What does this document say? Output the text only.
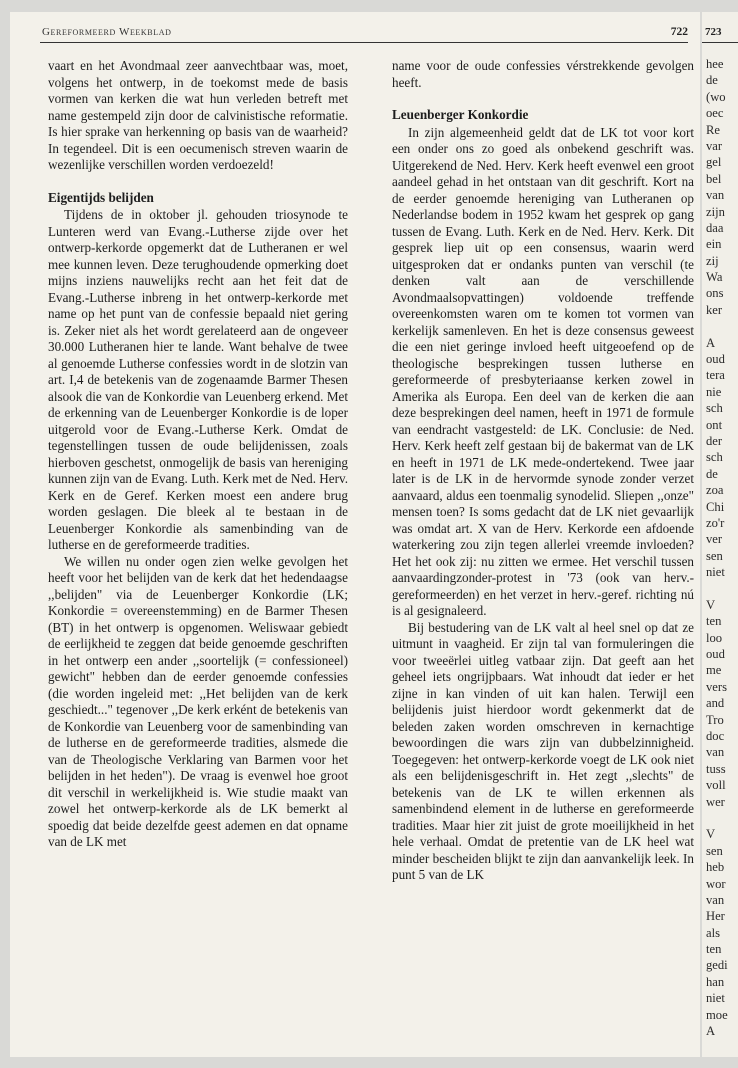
Gereformeerd Weekblad	722

vaart en het Avondmaal zeer aanvechtbaar was, moet, volgens het ontwerp, in de toekomst mede de basis vormen van kerken die wat hun verleden betreft met name gestempeld zijn door de calvinistische reformatie. Is hier sprake van herkenning op basis van de waarheid? In tegendeel. Dit is een oecumenisch streven waarin de wezenlijke verschillen worden verdoezeld!

Eigentijds belijden

Tijdens de in oktober jl. gehouden triosynode te Lunteren werd van Evang.-Lutherse zijde over het ontwerp-kerkorde opgemerkt dat de Lutheranen er wel mee kunnen leven. Deze terughoudende opmerking doet mijns inziens nauwelijks recht aan het feit dat de Evang.-Lutherse inbreng in het ontwerp-kerkorde met name op het punt van de confessie bepaald niet gering is. Zeker niet als het wordt gerelateerd aan de ongeveer 30.000 Lutheranen hier te lande. Want behalve de twee al genoemde Lutherse confessies wordt in de slotzin van art. I,4 de betekenis van de zogenaamde Barmer Thesen alsook die van de Konkordie van Leuenberg erkend. Met de erkenning van de Leuenberger Konkordie is de loper uitgerold voor de Evang.-Lutherse Kerk. Omdat de tegenstellingen tussen de oude belijdenissen, zoals hierboven geschetst, onmogelijk de basis van hereniging kunnen zijn van de Evang. Luth. Kerk met de Ned. Herv. Kerk en de Geref. Kerken moest een andere brug worden geslagen. Die bleek al te bestaan in de Leuenberger Konkordie als samenbinding van de lutherse en de gereformeerde tradities.

We willen nu onder ogen zien welke gevolgen het heeft voor het belijden van de kerk dat het hedendaagse ,,belijden" via de Leuenberger Konkordie (LK; Konkordie = overeenstemming) en de Barmer Thesen (BT) in het ontwerp is opgenomen. Weliswaar gebiedt de eerlijkheid te zeggen dat beide genoemde geschriften in het ontwerp een ander ,,soortelijk (= confessioneel) gewicht" hebben dan de eerder genoemde confessies (die worden ingeleid met: ,,Het belijden van de kerk geschiedt..." tegenover ,,De kerk erként de betekenis van de Konkordie van Leuenberg voor de samenbinding van de lutherse en de gereformeerde tradities, alsmede die van de Theologische Verklaring van Barmen voor het belijden in het heden"). De vraag is evenwel hoe groot dit verschil in werkelijkheid is. Wie studie maakt van zowel het ontwerp-kerkorde als de LK bemerkt al spoedig dat beide dezelfde geest ademen en dat opname van de LK met

name voor de oude confessies vérstrekkende gevolgen heeft.

Leuenberger Konkordie

In zijn algemeenheid geldt dat de LK tot voor kort een onder ons zo goed als onbekend geschrift was. Uitgerekend de Ned. Herv. Kerk heeft evenwel een groot aandeel gehad in het ontstaan van dit geschrift. Kort na de eerder genoemde hereniging van Lutheranen op Nederlandse bodem in 1952 kwam het gesprek op gang tussen de Evang. Luth. Kerk en de Ned. Herv. Kerk. Dit gesprek liep uit op een consensus, waarin werd uitgesproken dat er ondanks punten van verschil (te denken valt aan de verschillende Avondmaalsopvattingen) voldoende treffende overeenkomsten waren om te komen tot vormen van kerkelijk samenleven. En het is deze consensus geweest die een niet geringe invloed heeft uitgeoefend op de theologische besprekingen tussen lutherse en gereformeerde of presbyteriaanse kerken zowel in Amerika als Europa. Een deel van de kerken die aan deze besprekingen deel namen, heeft in 1971 de formule van eendracht vastgesteld: de LK. Conclusie: de Ned. Herv. Kerk heeft zelf gestaan bij de bakermat van de LK en heeft in 1971 de LK mede-ondertekend. Twee jaar later is de LK in de hervormde synode zonder verzet aanvaard, aldus een toenmalig synodelid. Sliepen ,,onze" mensen toen? Is soms gedacht dat de LK niet gevaarlijk was omdat art. X van de Herv. Kerkorde een afdoende waterkering zou zijn tegen allerlei vreemde invloeden? Het het ook zij: nu zitten we ermee. Het verschil tussen aanvaardingzonder-protest in '73 (ook van herv.-gereformeerden) en het verzet in herv.-geref. richting nú is al gesignaleerd.

Bij bestudering van de LK valt al heel snel op dat ze uitmunt in vaagheid. Er zijn tal van formuleringen die voor tweeërlei uitleg vatbaar zijn. Dat geeft aan het geheel iets ongrijpbaars. Wat inhoudt dat ieder er het zijne in kan vinden of uit kan halen. Terwijl een belijdenis juist hierdoor wordt gekenmerkt dat de beleden zaken worden omschreven in kernachtige bewoordingen die wars zijn van dubbelzinnigheid. Toegegeven: het ontwerp-kerkorde voegt de LK ook niet als een belijdenisgeschrift in. Het zegt ,,slechts" de betekenis van de LK te willen erkennen als samenbindend element in de lutherse en gereformeerde tradities. Maar hier zit juist de grote moeilijkheid in het hele verhaal. Omdat de pretentie van de LK heel wat minder bescheiden blijkt te zijn dan aanvankelijk leek. In punt 5 van de LK

723
hee
de
(wo
oec
Re
var
gel
bel
van
zijn
daa
ein
zij
Wa
ons
ker
A
oud
tera
nie
sch
ont
der
sch
de
zoa
Chi
zo'r
ver
sen
niet
V
ten
loo
oud
me
vers
and
Tro
doc
van
tuss
voll
wer
V
sen
heb
wor
van
Her
als
ten
gedi
han
niet
moe
A
